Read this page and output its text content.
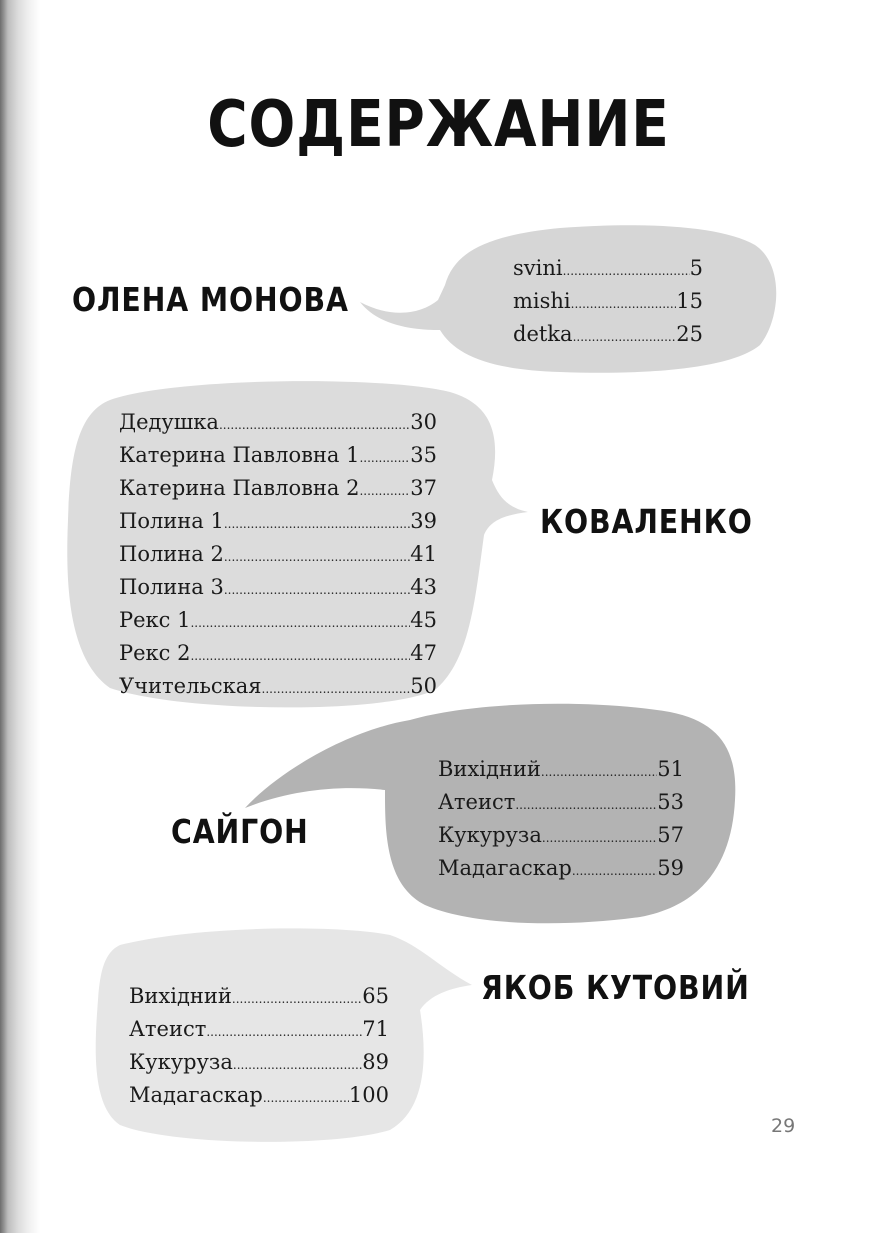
СОДЕРЖАНИЕ
ОЛЕНА МОНОВА
svini .....	5
mishi .....	15
detka .....	25
КОВАЛЕНКО
Дедушка .....	30
Катерина Павловна 1 ..... 35
Катерина Павловна 2 ..... 37
Полина 1 .....	39
Полина 2 .....	41
Полина 3 .....	43
Рекс 1 .....	45
Рекс 2 .....	47
Учительская .....	50
САЙГОН
Вихідний .....	51
Атеист .....	53
Кукуруза .....	57
Мадагаскар .....	59
ЯКОБ КУТОВИЙ
Вихідний .....	65
Атеист .....	71
Кукуруза .....	89
Мадагаскар .....	100
29
